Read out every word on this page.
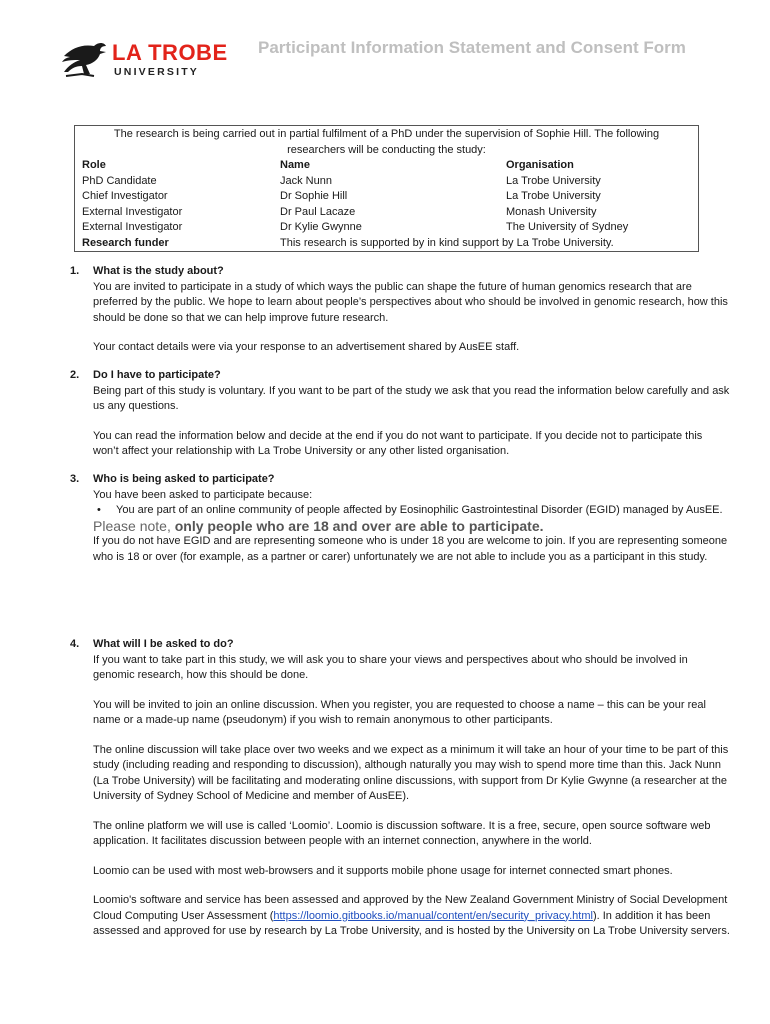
LA TROBE
UNIVERSITY
Participant Information Statement and Consent Form
The research is being carried out in partial fulfilment of a PhD under the supervision of Sophie Hill. The following researchers will be conducting the study:
Role	Name	Organisation
PhD Candidate	Jack Nunn	La Trobe University
Chief Investigator	Dr Sophie Hill	La Trobe University
External Investigator	Dr Paul Lacaze	Monash University
External Investigator	Dr Kylie Gwynne	The University of Sydney
Research funder	This research is supported by in kind support by La Trobe University.
1. What is the study about?

You are invited to participate in a study of which ways the public can shape the future of human genomics research that are preferred by the public. We hope to learn about people’s perspectives about who should be involved in genomic research, how this should be done so that we can help improve future research.

Your contact details were via your response to an advertisement shared by AusEE staff.

2. Do I have to participate?

Being part of this study is voluntary. If you want to be part of the study we ask that you read the information below carefully and ask us any questions.

You can read the information below and decide at the end if you do not want to participate. If you decide not to participate this won’t affect your relationship with La Trobe University or any other listed organisation.

3. Who is being asked to participate?

You have been asked to participate because:

• You are part of an online community of people affected by Eosinophilic Gastrointestinal Disorder (EGID) managed by AusEE.

Please note, only people who are 18 and over are able to participate.

If you do not have EGID and are representing someone who is under 18 you are welcome to join. If you are representing someone who is 18 or over (for example, as a partner or carer) unfortunately we are not able to include you as a participant in this study.

4. What will I be asked to do?

If you want to take part in this study, we will ask you to share your views and perspectives about who should be involved in genomic research, how this should be done.

You will be invited to join an online discussion. When you register, you are requested to choose a name – this can be your real name or a made-up name (pseudonym) if you wish to remain anonymous to other participants.

The online discussion will take place over two weeks and we expect as a minimum it will take an hour of your time to be part of this study (including reading and responding to discussion), although naturally you may wish to spend more time than this. Jack Nunn (La Trobe University) will be facilitating and moderating online discussions, with support from Dr Kylie Gwynne (a researcher at the University of Sydney School of Medicine and member of AusEE).

The online platform we will use is called ‘Loomio’. Loomio is discussion software. It is a free, secure, open source software web application. It facilitates discussion between people with an internet connection, anywhere in the world.

Loomio can be used with most web-browsers and it supports mobile phone usage for internet connected smart phones.

Loomio's software and service has been assessed and approved by the New Zealand Government Ministry of Social Development Cloud Computing User Assessment (https://loomio.gitbooks.io/manual/content/en/security_privacy.html). In addition it has been assessed and approved for use by research by La Trobe University, and is hosted by the University on La Trobe University servers.
